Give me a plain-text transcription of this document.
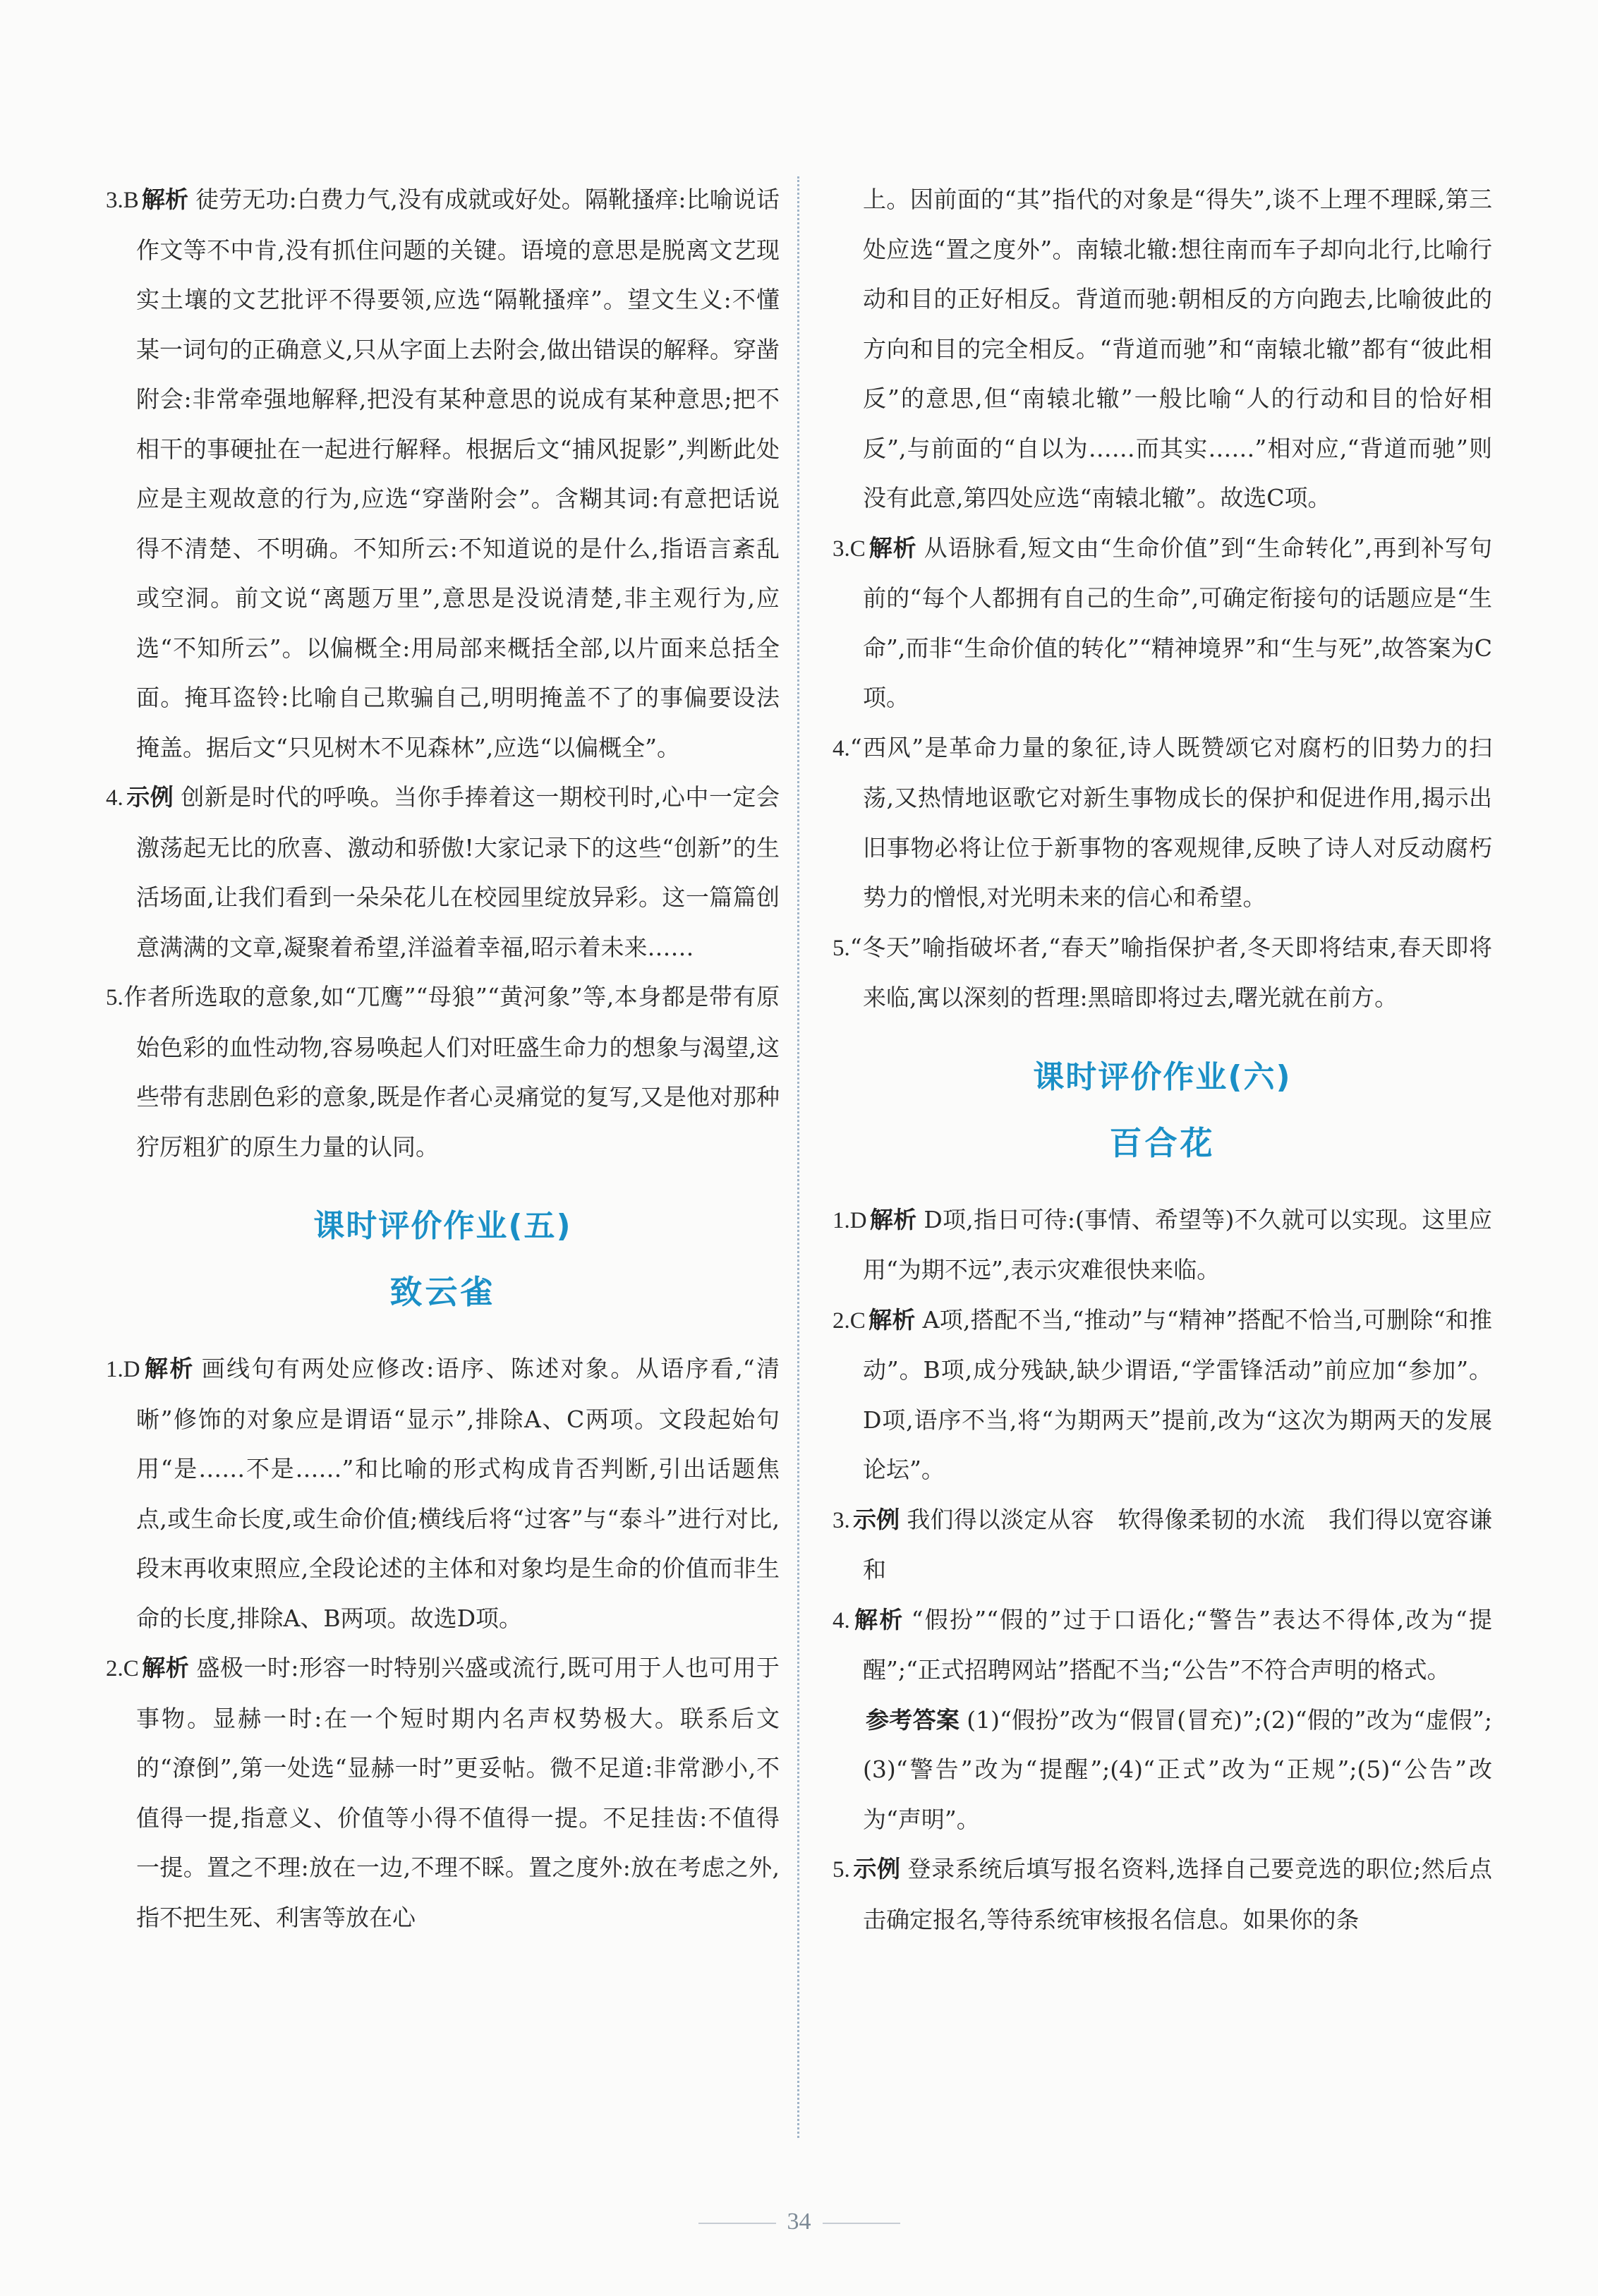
3.B 解析 徒劳无功:白费力气,没有成就或好处。隔靴搔痒:比喻说话作文等不中肯,没有抓住问题的关键。语境的意思是脱离文艺现实土壤的文艺批评不得要领,应选“隔靴搔痒”。望文生义:不懂某一词句的正确意义,只从字面上去附会,做出错误的解释。穿凿附会:非常牵强地解释,把没有某种意思的说成有某种意思;把不相干的事硬扯在一起进行解释。根据后文“捕风捉影”,判断此处应是主观故意的行为,应选“穿凿附会”。含糊其词:有意把话说得不清楚、不明确。不知所云:不知道说的是什么,指语言紊乱或空洞。前文说“离题万里”,意思是没说清楚,非主观行为,应选“不知所云”。以偏概全:用局部来概括全部,以片面来总括全面。掩耳盗铃:比喻自己欺骗自己,明明掩盖不了的事偏要设法掩盖。据后文“只见树木不见森林”,应选“以偏概全”。

4. 示例 创新是时代的呼唤。当你手捧着这一期校刊时,心中一定会激荡起无比的欣喜、激动和骄傲!大家记录下的这些“创新”的生活场面,让我们看到一朵朵花儿在校园里绽放异彩。这一篇篇创意满满的文章,凝聚着希望,洋溢着幸福,昭示着未来……

5.作者所选取的意象,如“兀鹰”“母狼”“黄河象”等,本身都是带有原始色彩的血性动物,容易唤起人们对旺盛生命力的想象与渴望,这些带有悲剧色彩的意象,既是作者心灵痛觉的复写,又是他对那种狞厉粗犷的原生力量的认同。

课时评价作业(五)
致云雀

1.D 解析 画线句有两处应修改:语序、陈述对象。从语序看,“清晰”修饰的对象应是谓语“显示”,排除A、C两项。文段起始句用“是……不是……”和比喻的形式构成肯否判断,引出话题焦点,或生命长度,或生命价值;横线后将“过客”与“泰斗”进行对比,段末再收束照应,全段论述的主体和对象均是生命的价值而非生命的长度,排除A、B两项。故选D项。

2.C 解析 盛极一时:形容一时特别兴盛或流行,既可用于人也可用于事物。显赫一时:在一个短时期内名声权势极大。联系后文的“潦倒”,第一处选“显赫一时”更妥帖。微不足道:非常渺小,不值得一提,指意义、价值等小得不值得一提。不足挂齿:不值得一提。置之不理:放在一边,不理不睬。置之度外:放在考虑之外,指不把生死、利害等放在心

上。因前面的“其”指代的对象是“得失”,谈不上理不理睬,第三处应选“置之度外”。南辕北辙:想往南而车子却向北行,比喻行动和目的正好相反。背道而驰:朝相反的方向跑去,比喻彼此的方向和目的完全相反。“背道而驰”和“南辕北辙”都有“彼此相反”的意思,但“南辕北辙”一般比喻“人的行动和目的恰好相反”,与前面的“自以为……而其实……”相对应,“背道而驰”则没有此意,第四处应选“南辕北辙”。故选C项。

3.C 解析 从语脉看,短文由“生命价值”到“生命转化”,再到补写句前的“每个人都拥有自己的生命”,可确定衔接句的话题应是“生命”,而非“生命价值的转化”“精神境界”和“生与死”,故答案为C项。

4.“西风”是革命力量的象征,诗人既赞颂它对腐朽的旧势力的扫荡,又热情地讴歌它对新生事物成长的保护和促进作用,揭示出旧事物必将让位于新事物的客观规律,反映了诗人对反动腐朽势力的憎恨,对光明未来的信心和希望。

5.“冬天”喻指破坏者,“春天”喻指保护者,冬天即将结束,春天即将来临,寓以深刻的哲理:黑暗即将过去,曙光就在前方。

课时评价作业(六)
百合花

1.D 解析 D项,指日可待:(事情、希望等)不久就可以实现。这里应用“为期不远”,表示灾难很快来临。

2.C 解析 A项,搭配不当,“推动”与“精神”搭配不恰当,可删除“和推动”。B项,成分残缺,缺少谓语,“学雷锋活动”前应加“参加”。D项,语序不当,将“为期两天”提前,改为“这次为期两天的发展论坛”。

3. 示例 我们得以淡定从容　软得像柔韧的水流　我们得以宽容谦和

4. 解析 “假扮”“假的”过于口语化;“警告”表达不得体,改为“提醒”;“正式招聘网站”搭配不当;“公告”不符合声明的格式。

参考答案 (1)“假扮”改为“假冒(冒充)”;(2)“假的”改为“虚假”;(3)“警告”改为“提醒”;(4)“正式”改为“正规”;(5)“公告”改为“声明”。

5. 示例 登录系统后填写报名资料,选择自己要竞选的职位;然后点击确定报名,等待系统审核报名信息。如果你的条

34
